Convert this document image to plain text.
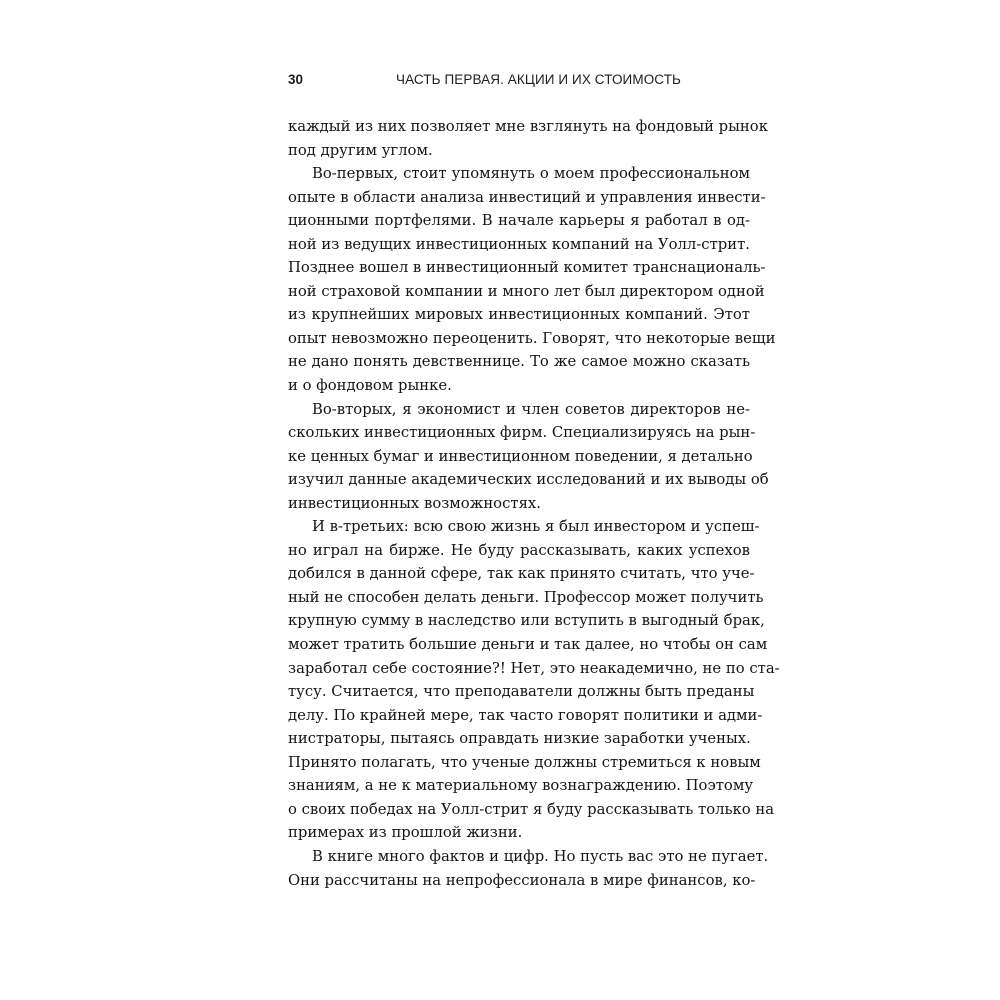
30	ЧАСТЬ ПЕРВАЯ. АКЦИИ И ИХ СТОИМОСТЬ
каждый из них позволяет мне взглянуть на фондовый рынок
под другим углом.
Во-первых, стоит упомянуть о моем профессиональном
опыте в области анализа инвестиций и управления инвести-
ционными портфелями. В начале карьеры я работал в од-
ной из ведущих инвестиционных компаний на Уолл-стрит.
Позднее вошел в инвестиционный комитет транснациональ-
ной страховой компании и много лет был директором одной
из крупнейших мировых инвестиционных компаний. Этот
опыт невозможно переоценить. Говорят, что некоторые вещи
не дано понять девственнице. То же самое можно сказать
и о фондовом рынке.
Во-вторых, я экономист и член советов директоров не-
скольких инвестиционных фирм. Специализируясь на рын-
ке ценных бумаг и инвестиционном поведении, я детально
изучил данные академических исследований и их выводы об
инвестиционных возможностях.
И в-третьих: всю свою жизнь я был инвестором и успеш-
но играл на бирже. Не буду рассказывать, каких успехов
добился в данной сфере, так как принято считать, что уче-
ный не способен делать деньги. Профессор может получить
крупную сумму в наследство или вступить в выгодный брак,
может тратить большие деньги и так далее, но чтобы он сам
заработал себе состояние?! Нет, это неакадемично, не по ста-
тусу. Считается, что преподаватели должны быть преданы
делу. По крайней мере, так часто говорят политики и адми-
нистраторы, пытаясь оправдать низкие заработки ученых.
Принято полагать, что ученые должны стремиться к новым
знаниям, а не к материальному вознаграждению. Поэтому
о своих победах на Уолл-стрит я буду рассказывать только на
примерах из прошлой жизни.
В книге много фактов и цифр. Но пусть вас это не пугает.
Они рассчитаны на непрофессионала в мире финансов, ко-
